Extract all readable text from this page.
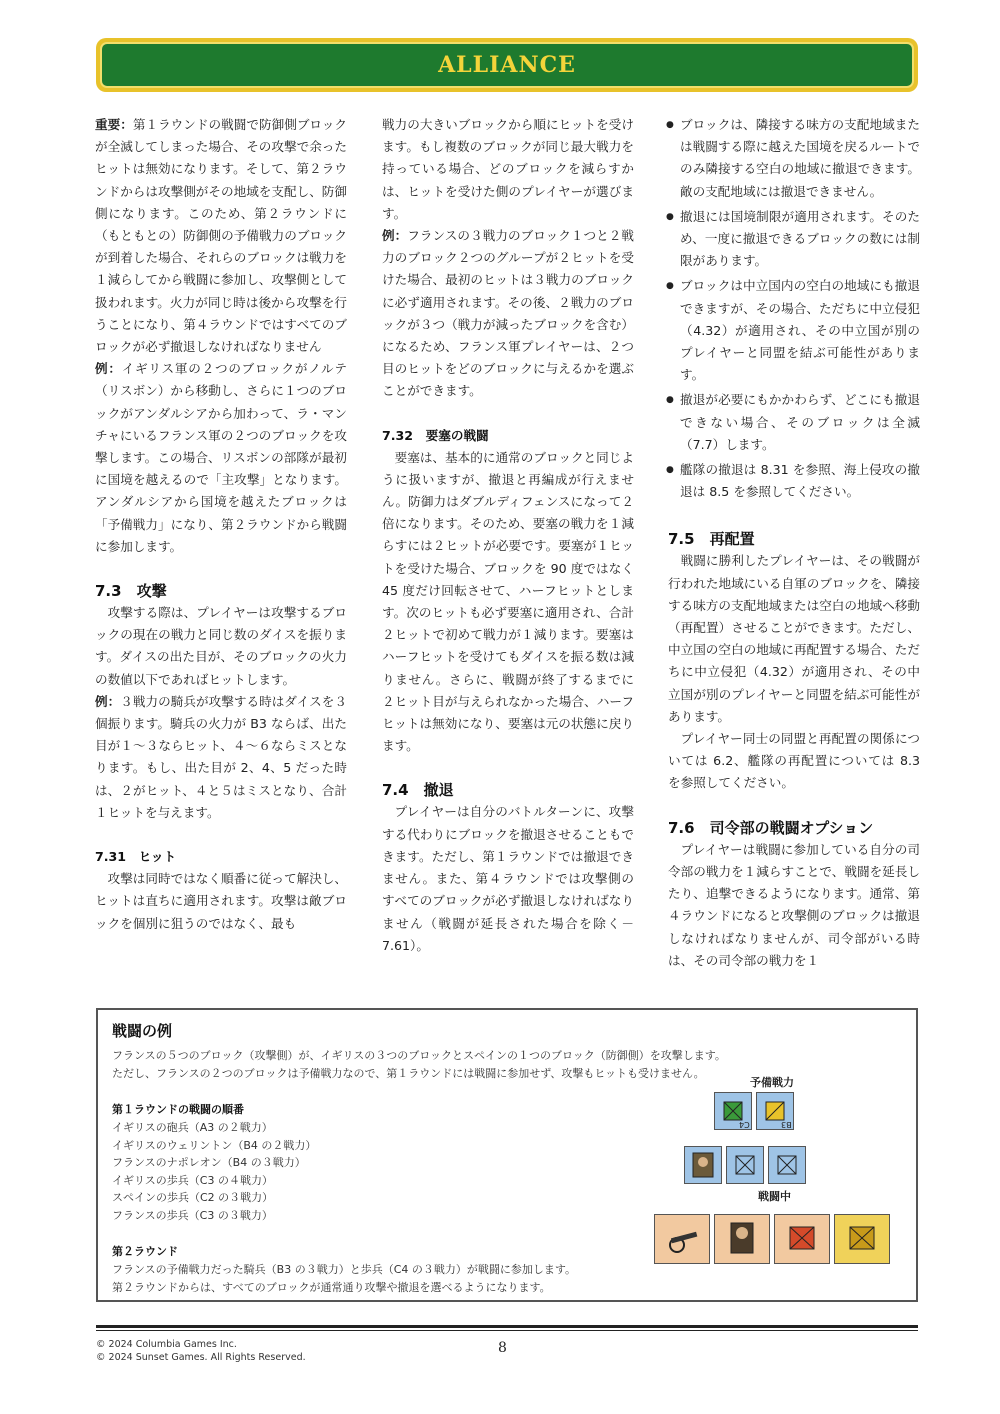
ALLIANCE

重要：第１ラウンドの戦闘で防御側ブロックが全滅してしまった場合、その攻撃で余ったヒットは無効になります。そして、第２ラウンドからは攻撃側がその地域を支配し、防御側になります。このため、第２ラウンドに（もともとの）防御側の予備戦力のブロックが到着した場合、それらのブロックは戦力を１減らしてから戦闘に参加し、攻撃側として扱われます。火力が同じ時は後から攻撃を行うことになり、第４ラウンドではすべてのブロックが必ず撤退しなければなりません

例：イギリス軍の２つのブロックがノルテ（リスボン）から移動し、さらに１つのブロックがアンダルシアから加わって、ラ・マンチャにいるフランス軍の２つのブロックを攻撃します。この場合、リスボンの部隊が最初に国境を越えるので「主攻撃」となります。アンダルシアから国境を越えたブロックは「予備戦力」になり、第２ラウンドから戦闘に参加します。

7.3　攻撃

攻撃する際は、プレイヤーは攻撃するブロックの現在の戦力と同じ数のダイスを振ります。ダイスの出た目が、そのブロックの火力の数値以下であればヒットします。

例：３戦力の騎兵が攻撃する時はダイスを３個振ります。騎兵の火力が B3 ならば、出た目が１〜３ならヒット、４〜６ならミスとなります。もし、出た目が 2、4、5 だった時は、２がヒット、４と５はミスとなり、合計１ヒットを与えます。

7.31　ヒット

攻撃は同時ではなく順番に従って解決し、ヒットは直ちに適用されます。攻撃は敵ブロックを個別に狙うのではなく、最も

戦力の大きいブロックから順にヒットを受けます。もし複数のブロックが同じ最大戦力を持っている場合、どのブロックを減らすかは、ヒットを受けた側のプレイヤーが選びます。

例：フランスの３戦力のブロック１つと２戦力のブロック２つのグループが２ヒットを受けた場合、最初のヒットは３戦力のブロックに必ず適用されます。その後、２戦力のブロックが３つ（戦力が減ったブロックを含む）になるため、フランス軍プレイヤーは、２つ目のヒットをどのブロックに与えるかを選ぶことができます。

7.32　要塞の戦闘

要塞は、基本的に通常のブロックと同じように扱いますが、撤退と再編成が行えません。防御力はダブルディフェンスになって２倍になります。そのため、要塞の戦力を１減らすには２ヒットが必要です。要塞が１ヒットを受けた場合、ブロックを 90 度ではなく 45 度だけ回転させて、ハーフヒットとします。次のヒットも必ず要塞に適用され、合計２ヒットで初めて戦力が１減ります。要塞はハーフヒットを受けてもダイスを振る数は減りません。さらに、戦闘が終了するまでに２ヒット目が与えられなかった場合、ハーフヒットは無効になり、要塞は元の状態に戻ります。

7.4　撤退

プレイヤーは自分のバトルターンに、攻撃する代わりにブロックを撤退させることもできます。ただし、第１ラウンドでは撤退できません。また、第４ラウンドでは攻撃側のすべてのブロックが必ず撤退しなければなりません（戦闘が延長された場合を除く－ 7.61）。

● ブロックは、隣接する味方の支配地域または戦闘する際に越えた国境を戻るルートでのみ隣接する空白の地域に撤退できます。敵の支配地域には撤退できません。
● 撤退には国境制限が適用されます。そのため、一度に撤退できるブロックの数には制限があります。
● ブロックは中立国内の空白の地域にも撤退できますが、その場合、ただちに中立侵犯（4.32）が適用され、その中立国が別のプレイヤーと同盟を結ぶ可能性があります。
● 撤退が必要にもかかわらず、どこにも撤退できない場合、そのブロックは全滅（7.7）します。
● 艦隊の撤退は 8.31 を参照、海上侵攻の撤退は 8.5 を参照してください。
7.5　再配置

戦闘に勝利したプレイヤーは、その戦闘が行われた地域にいる自軍のブロックを、隣接する味方の支配地域または空白の地域へ移動（再配置）させることができます。ただし、中立国の空白の地域に再配置する場合、ただちに中立侵犯（4.32）が適用され、その中立国が別のプレイヤーと同盟を結ぶ可能性があります。

プレイヤー同士の同盟と再配置の関係については 6.2、艦隊の再配置については 8.3 を参照してください。

7.6　司令部の戦闘オプション

プレイヤーは戦闘に参加している自分の司令部の戦力を１減らすことで、戦闘を延長したり、追撃できるようになります。通常、第４ラウンドになると攻撃側のブロックは撤退しなければなりませんが、司令部がいる時は、その司令部の戦力を１

戦闘の例
フランスの５つのブロック（攻撃側）が、イギリスの３つのブロックとスペインの１つのブロック（防御側）を攻撃します。
ただし、フランスの２つのブロックは予備戦力なので、第１ラウンドには戦闘に参加せず、攻撃もヒットも受けません。
第１ラウンドの戦闘の順番
イギリスの砲兵（A3 の２戦力）
イギリスのウェリントン（B4 の２戦力）
フランスのナポレオン（B4 の３戦力）
イギリスの歩兵（C3 の４戦力）
スペインの歩兵（C2 の３戦力）
フランスの歩兵（C3 の３戦力）
第２ラウンド
フランスの予備戦力だった騎兵（B3 の３戦力）と歩兵（C4 の３戦力）が戦闘に参加します。
第２ラウンドからは、すべてのブロックが通常通り攻撃や撤退を選べるようになります。
予備戦力
戦闘中
C4	B3
© 2024 Columbia Games Inc.
© 2024 Sunset Games. All Rights Reserved.
8
